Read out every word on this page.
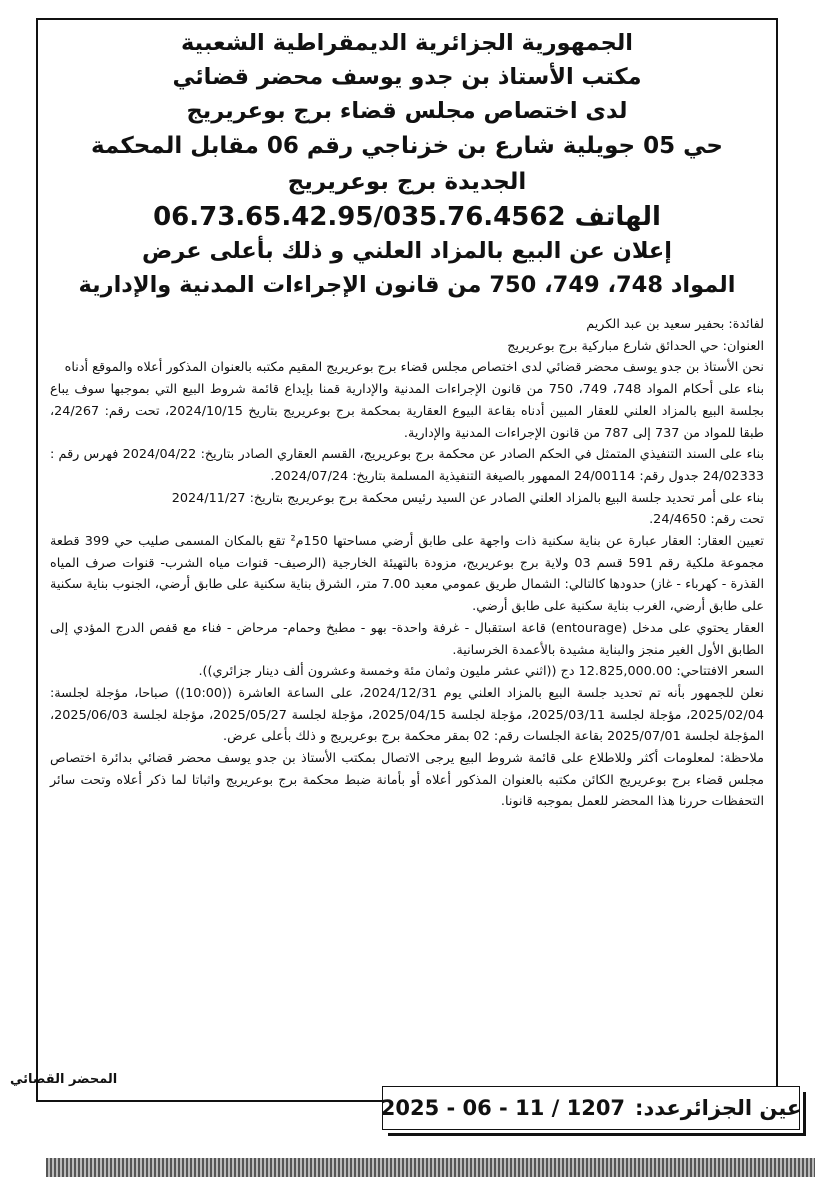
الجمهورية الجزائرية الديمقراطية الشعبية
مكتب الأستاذ بن جدو يوسف محضر قضائي
لدى اختصاص مجلس قضاء برج بوعريريج
حي 05 جويلية شارع بن خزناجي رقم 06 مقابل المحكمة الجديدة برج بوعريريج
الهاتف 06.73.65.42.95/035.76.4562
إعلان عن البيع بالمزاد العلني و ذلك بأعلى عرض
المواد 748، 749، 750 من قانون الإجراءات المدنية والإدارية

لفائدة: بحفير سعيد بن عبد الكريم

العنوان: حي الحدائق شارع مباركية برج بوعريريج

نحن الأستاذ بن جدو يوسف محضر قضائي لدى اختصاص مجلس قضاء برج بوعريريج المقيم مكتبه بالعنوان المذكور أعلاه والموقع أدناه

بناء على أحكام المواد 748، 749، 750 من قانون الإجراءات المدنية والإدارية قمنا بإيداع قائمة شروط البيع التي بموجبها سوف يباع بجلسة البيع بالمزاد العلني للعقار المبين أدناه بقاعة البيوع العقارية بمحكمة برج بوعريريج بتاريخ 2024/10/15، تحت رقم: 24/267، طبقا للمواد من 737 إلى 787 من قانون الإجراءات المدنية والإدارية.

بناء على السند التنفيذي المتمثل في الحكم الصادر عن محكمة برج بوعريريج، القسم العقاري الصادر بتاريخ: 2024/04/22 فهرس رقم : 24/02333 جدول رقم: 24/00114 الممهور بالصيغة التنفيذية المسلمة بتاريخ: 2024/07/24.

بناء على أمر تحديد جلسة البيع بالمزاد العلني الصادر عن السيد رئيس محكمة برج بوعريريج بتاريخ: 2024/11/27

تحت رقم: 24/4650.

تعيين العقار: العقار عبارة عن بناية سكنية ذات واجهة على طابق أرضي مساحتها 150م² تقع بالمكان المسمى صليب حي 399 قطعة مجموعة ملكية رقم 591 قسم 03 ولاية برج بوعريريج، مزودة بالتهيئة الخارجية (الرصيف- قنوات مياه الشرب- قنوات صرف المياه القذرة - كهرباء - غاز) حدودها كالتالي: الشمال طريق عمومي معبد 7.00 متر، الشرق بناية سكنية على طابق أرضي، الجنوب بناية سكنية على طابق أرضي، الغرب بناية سكنية على طابق أرضي.

العقار يحتوي على مدخل (entourage) قاعة استقبال - غرفة واحدة- بهو - مطبخ وحمام- مرحاض - فناء مع قفص الدرج المؤدي إلى الطابق الأول الغير منجز والبناية مشيدة بالأعمدة الخرسانية.

السعر الافتتاحي: 12.825,000.00 دج ((اثني عشر مليون وثمان مئة وخمسة وعشرون ألف دينار جزائري)).

نعلن للجمهور بأنه تم تحديد جلسة البيع بالمزاد العلني يوم 2024/12/31، على الساعة العاشرة ((10:00)) صباحا، مؤجلة لجلسة: 2025/02/04، مؤجلة لجلسة 2025/03/11، مؤجلة لجلسة 2025/04/15، مؤجلة لجلسة 2025/05/27، مؤجلة لجلسة 2025/06/03، المؤجلة لجلسة 2025/07/01 بقاعة الجلسات رقم: 02 بمقر محكمة برج بوعريريج و ذلك بأعلى عرض.

ملاحظة: لمعلومات أكثر وللاطلاع على قائمة شروط البيع يرجى الاتصال بمكتب الأستاذ بن جدو يوسف محضر قضائي بدائرة اختصاص مجلس قضاء برج بوعريريج الكائن مكتبه بالعنوان المذكور أعلاه أو بأمانة ضبط محكمة برج بوعريريج واثباتا لما ذكر أعلاه وتحت سائر التحفظات حررنا هذا المحضر للعمل بموجبه قانونا.

المحضر القضائي
عين الجزائرعدد:
2025 - 06 - 11 / 1207
